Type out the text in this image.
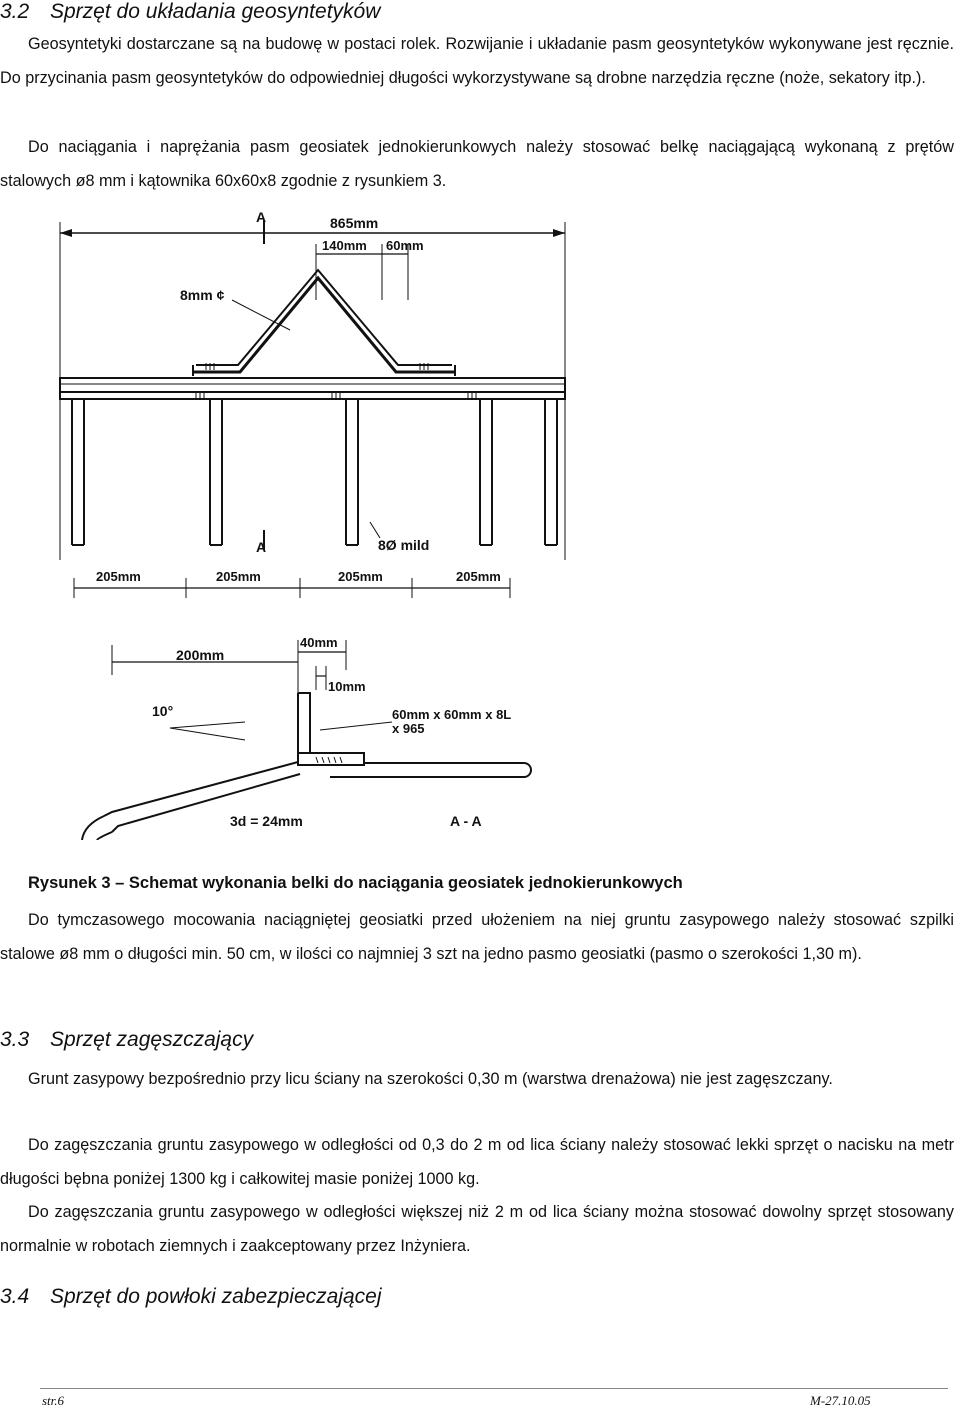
3.2 Sprzęt do układania geosyntetyków

Geosyntetyki dostarczane są na budowę w postaci rolek. Rozwijanie i układanie pasm geosyntetyków wykonywane jest ręcznie. Do przycinania pasm geosyntetyków do odpowiedniej długości wykorzystywane są drobne narzędzia ręczne (noże, sekatory itp.).

Do naciągania i naprężania pasm geosiatek jednokierunkowych należy stosować belkę naciągającą wykonaną z prętów stalowych ø8 mm i kątownika 60x60x8 zgodnie z rysunkiem 3.

A	865mm
140mm 60mm
8mm ¢
A	8Ø mild
205mm	205mm	205mm	205mm
200mm
40mm
10mm
10°	60mm x 60mm x 8L
x 965
3d = 24mm	A - A

Rysunek 3 – Schemat wykonania belki do naciągania geosiatek jednokierunkowych

Do tymczasowego mocowania naciągniętej geosiatki przed ułożeniem na niej gruntu zasypowego należy stosować szpilki stalowe ø8 mm o długości min. 50 cm, w ilości co najmniej 3 szt na jedno pasmo geosiatki (pasmo o szerokości 1,30 m).

3.3 Sprzęt zagęszczający

Grunt zasypowy bezpośrednio przy licu ściany na szerokości 0,30 m (warstwa drenażowa) nie jest zagęszczany.

Do zagęszczania gruntu zasypowego w odległości od 0,3 do 2 m od lica ściany należy stosować lekki sprzęt o nacisku na metr długości bębna poniżej 1300 kg i całkowitej masie poniżej 1000 kg.

Do zagęszczania gruntu zasypowego w odległości większej niż 2 m od lica ściany można stosować dowolny sprzęt stosowany normalnie w robotach ziemnych i zaakceptowany przez Inżyniera.

3.4 Sprzęt do powłoki zabezpieczającej
str.6	M-27.10.05
